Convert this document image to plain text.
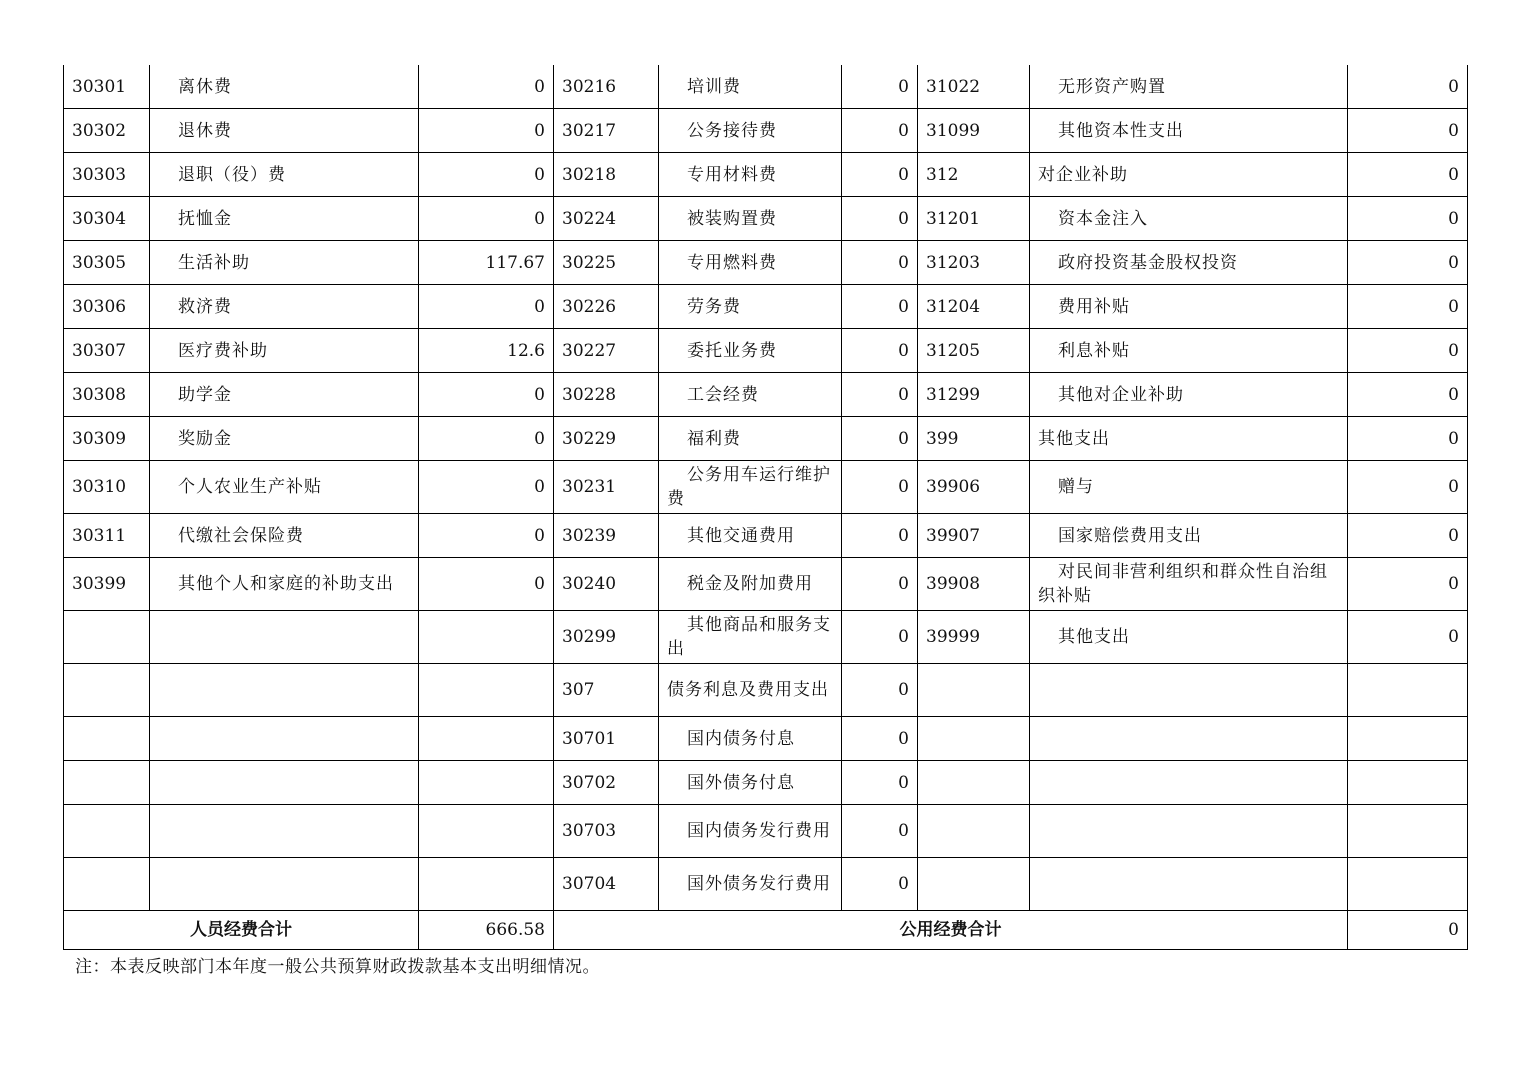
30301	离休费	0	30216	培训费	0	31022	无形资产购置	0
30302	退休费	0	30217	公务接待费	0	31099	其他资本性支出	0
30303	退职（役）费	0	30218	专用材料费	0	312	对企业补助	0
30304	抚恤金	0	30224	被装购置费	0	31201	资本金注入	0
30305	生活补助	117.67	30225	专用燃料费	0	31203	政府投资基金股权投资	0
30306	救济费	0	30226	劳务费	0	31204	费用补贴	0
30307	医疗费补助	12.6	30227	委托业务费	0	31205	利息补贴	0
30308	助学金	0	30228	工会经费	0	31299	其他对企业补助	0
30309	奖励金	0	30229	福利费	0	399	其他支出	0
30310	个人农业生产补贴	0	30231	公务用车运行维护费	0	39906	赠与	0
30311	代缴社会保险费	0	30239	其他交通费用	0	39907	国家赔偿费用支出	0
30399	其他个人和家庭的补助支出	0	30240	税金及附加费用	0	39908	对民间非营利组织和群众性自治组织补贴	0
			30299	其他商品和服务支出	0	39999	其他支出	0
			307	债务利息及费用支出	0			
			30701	国内债务付息	0			
			30702	国外债务付息	0			
			30703	国内债务发行费用	0			
			30704	国外债务发行费用	0			
人员经费合计		666.58	公用经费合计					0
注：本表反映部门本年度一般公共预算财政拨款基本支出明细情况。
